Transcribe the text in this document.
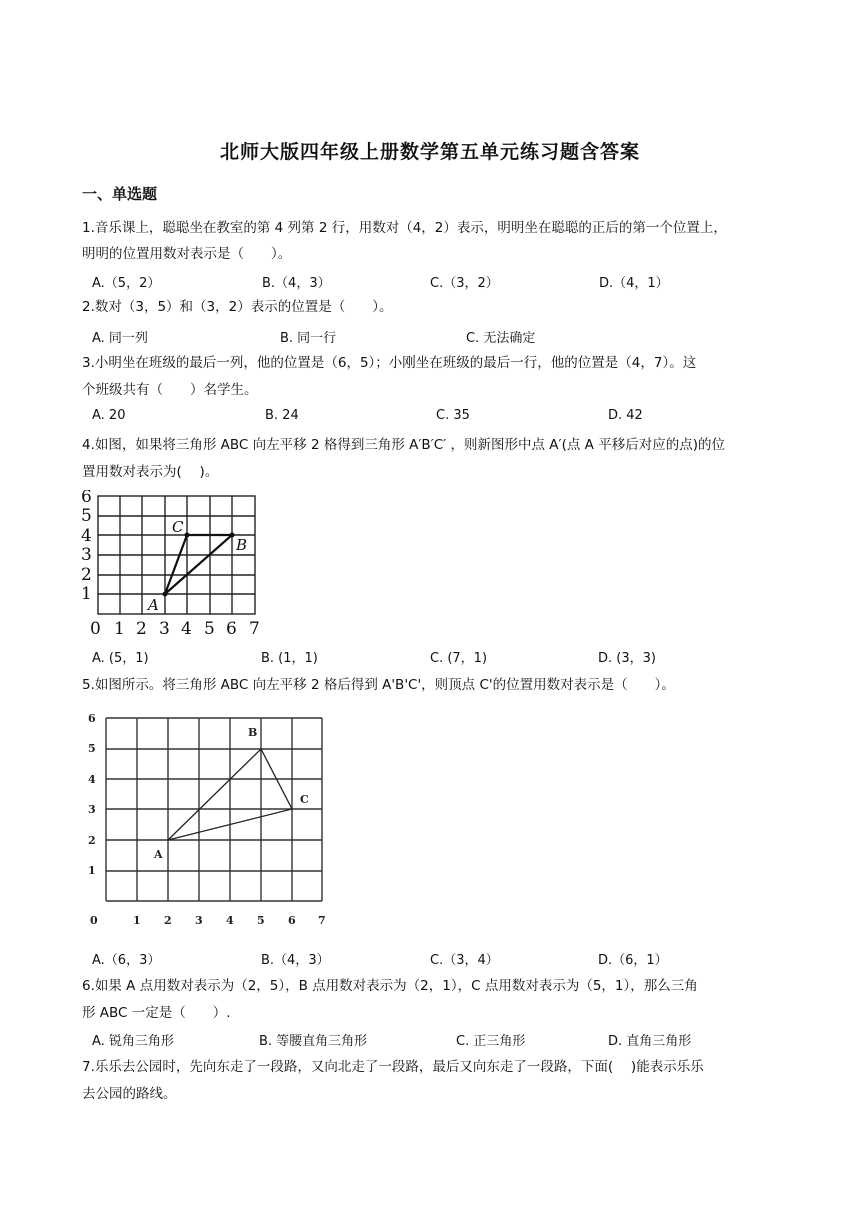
北师大版四年级上册数学第五单元练习题含答案
一、单选题
1.音乐课上，聪聪坐在教室的第 4 列第 2 行，用数对（4，2）表示，明明坐在聪聪的正后的第一个位置上，
明明的位置用数对表示是（　　）。
A.（5，2）	B.（4，3）	C.（3，2）	D.（4，1）
2.数对（3，5）和（3，2）表示的位置是（　　）。
A. 同一列	B. 同一行	C. 无法确定
3.小明坐在班级的最后一列，他的位置是（6，5）；小刚坐在班级的最后一行，他的位置是（4，7）。这
个班级共有（　　）名学生。
A. 20	B. 24	C. 35	D. 42
4.如图，如果将三角形 ABC 向左平移 2 格得到三角形 A′B′C′ ，则新图形中点 A′(点 A 平移后对应的点)的位
置用数对表示为(　 )。
A
B
C
1
2
3
4
5
6
0 1 2 3 4 5 6 7
A. (5，1)	B. (1，1)	C. (7，1)	D. (3，3)
5.如图所示。将三角形 ABC 向左平移 2 格后得到 A'B'C'，则顶点 C'的位置用数对表示是（　　）。
A
B
C
1
2
3
4
5
6
0	1 2 3 4 5 6 7
A.（6，3）	B.（4，3）	C.（3，4）	D.（6，1）
6.如果 A 点用数对表示为（2，5），B 点用数对表示为（2，1），C 点用数对表示为（5，1），那么三角
形 ABC 一定是（　　）.
A. 锐角三角形	B. 等腰直角三角形	C. 正三角形	D. 直角三角形
7.乐乐去公园时，先向东走了一段路，又向北走了一段路，最后又向东走了一段路，下面(　 )能表示乐乐
去公园的路线。
